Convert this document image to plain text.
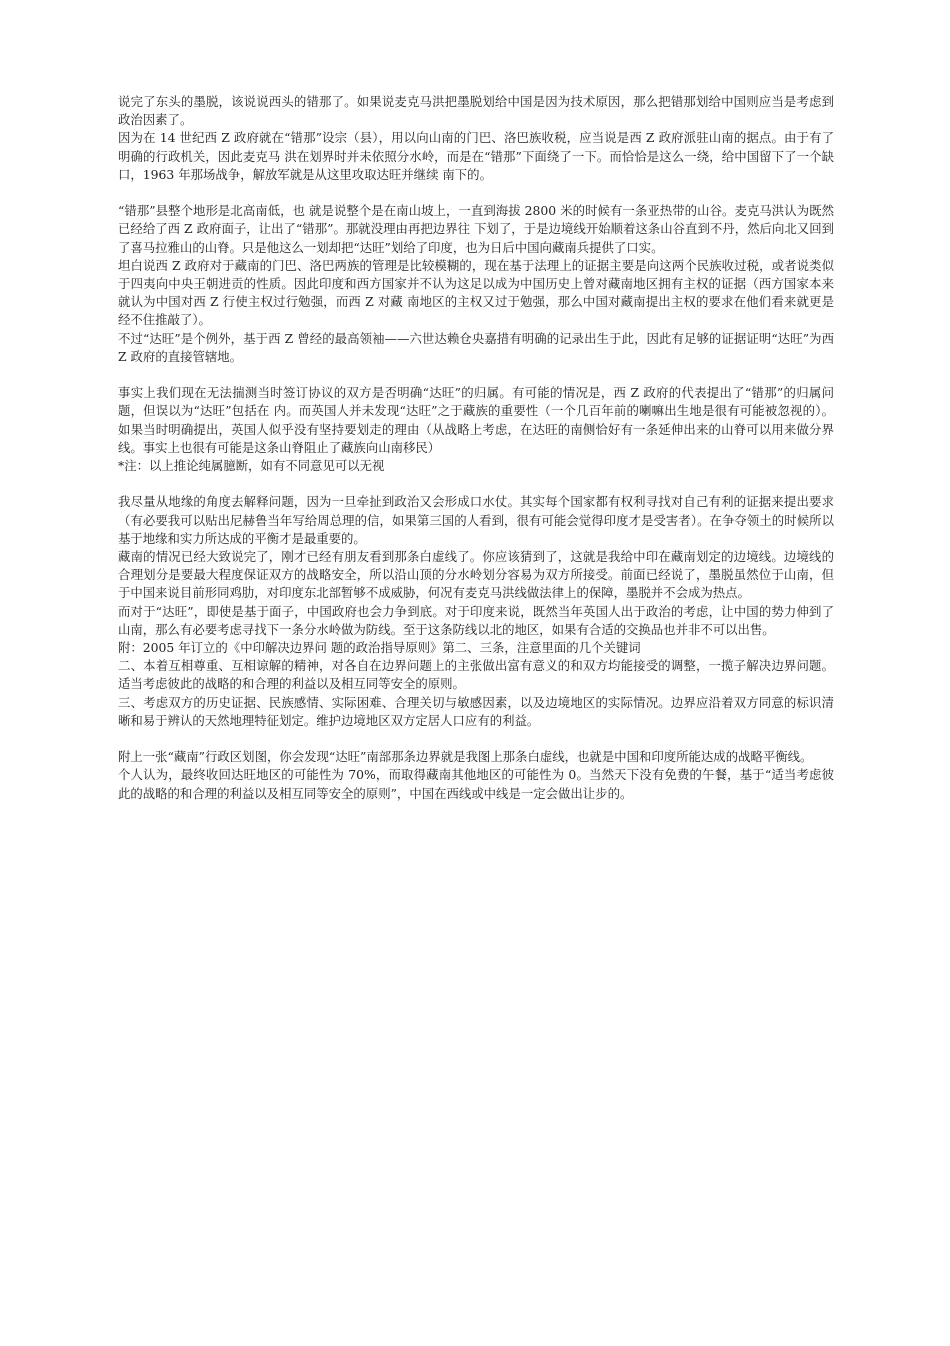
说完了东头的墨脱，该说说西头的错那了。如果说麦克马洪把墨脱划给中国是因为技术原因，那么把错那划给中国则应当是考虑到政治因素了。

因为在 14 世纪西 Z 政府就在“错那”设宗（县），用以向山南的门巴、洛巴族收税，应当说是西 Z 政府派驻山南的据点。由于有了明确的行政机关，因此麦克马 洪在划界时并未依照分水岭，而是在“错那”下面绕了一下。而恰恰是这么一绕，给中国留下了一个缺口，1963 年那场战争，解放军就是从这里攻取达旺并继续 南下的。

“错那”县整个地形是北高南低，也 就是说整个是在南山坡上，一直到海拔 2800 米的时候有一条亚热带的山谷。麦克马洪认为既然已经给了西 Z 政府面子，让出了“错那”。那就没理由再把边界往 下划了，于是边境线开始顺着这条山谷直到不丹，然后向北又回到了喜马拉雅山的山脊。只是他这么一划却把“达旺”划给了印度，也为日后中国向藏南兵提供了口实。

坦白说西 Z 政府对于藏南的门巴、洛巴两族的管理是比较模糊的，现在基于法理上的证据主要是向这两个民族收过税，或者说类似于四夷向中央王朝进贡的性质。因此印度和西方国家并不认为这足以成为中国历史上曾对藏南地区拥有主权的证据（西方国家本来就认为中国对西 Z 行使主权过行勉强，而西 Z 对藏 南地区的主权又过于勉强，那么中国对藏南提出主权的要求在他们看来就更是经不住推敲了）。

不过“达旺”是个例外，基于西 Z 曾经的最高领袖——六世达赖仓央嘉措有明确的记录出生于此，因此有足够的证据证明“达旺”为西 Z 政府的直接管辖地。

事实上我们现在无法揣测当时签订协议的双方是否明确“达旺”的归属。有可能的情况是，西 Z 政府的代表提出了“错那”的归属问题，但误以为“达旺”包括在 内。而英国人并未发现“达旺”之于藏族的重要性（一个几百年前的喇嘛出生地是很有可能被忽视的）。如果当时明确提出，英国人似乎没有坚持要划走的理由（从战略上考虑，在达旺的南侧恰好有一条延伸出来的山脊可以用来做分界线。事实上也很有可能是这条山脊阻止了藏族向山南移民）

*注：以上推论纯属臆断，如有不同意见可以无视

我尽量从地缘的角度去解释问题，因为一旦牵扯到政治又会形成口水仗。其实每个国家都有权利寻找对自己有利的证据来提出要求（有必要我可以贴出尼赫鲁当年写给周总理的信，如果第三国的人看到，很有可能会觉得印度才是受害者）。在争夺领土的时候所以基于地缘和实力所达成的平衡才是最重要的。

藏南的情况已经大致说完了，刚才已经有朋友看到那条白虚线了。你应该猜到了，这就是我给中印在藏南划定的边境线。边境线的合理划分是要最大程度保证双方的战略安全，所以沿山顶的分水岭划分容易为双方所接受。前面已经说了，墨脱虽然位于山南，但于中国来说目前形同鸡肋，对印度东北部暂够不成威胁，何况有麦克马洪线做法律上的保障，墨脱并不会成为热点。

而对于“达旺”，即使是基于面子，中国政府也会力争到底。对于印度来说，既然当年英国人出于政治的考虑，让中国的势力伸到了山南，那么有必要考虑寻找下一条分水岭做为防线。至于这条防线以北的地区，如果有合适的交换品也并非不可以出售。

附：2005 年订立的《中印解决边界问 题的政治指导原则》第二、三条，注意里面的几个关键词

二、本着互相尊重、互相谅解的精神，对各自在边界问题上的主张做出富有意义的和双方均能接受的调整，一揽子解决边界问题。适当考虑彼此的战略的和合理的利益以及相互同等安全的原则。

三、考虑双方的历史证据、民族感情、实际困难、合理关切与敏感因素，以及边境地区的实际情况。边界应沿着双方同意的标识清晰和易于辨认的天然地理特征划定。维护边境地区双方定居人口应有的利益。

附上一张“藏南”行政区划图，你会发现“达旺”南部那条边界就是我图上那条白虚线，也就是中国和印度所能达成的战略平衡线。

个人认为，最终收回达旺地区的可能性为 70%，而取得藏南其他地区的可能性为 0。当然天下没有免费的午餐，基于“适当考虑彼此的战略的和合理的利益以及相互同等安全的原则”，中国在西线或中线是一定会做出让步的。
